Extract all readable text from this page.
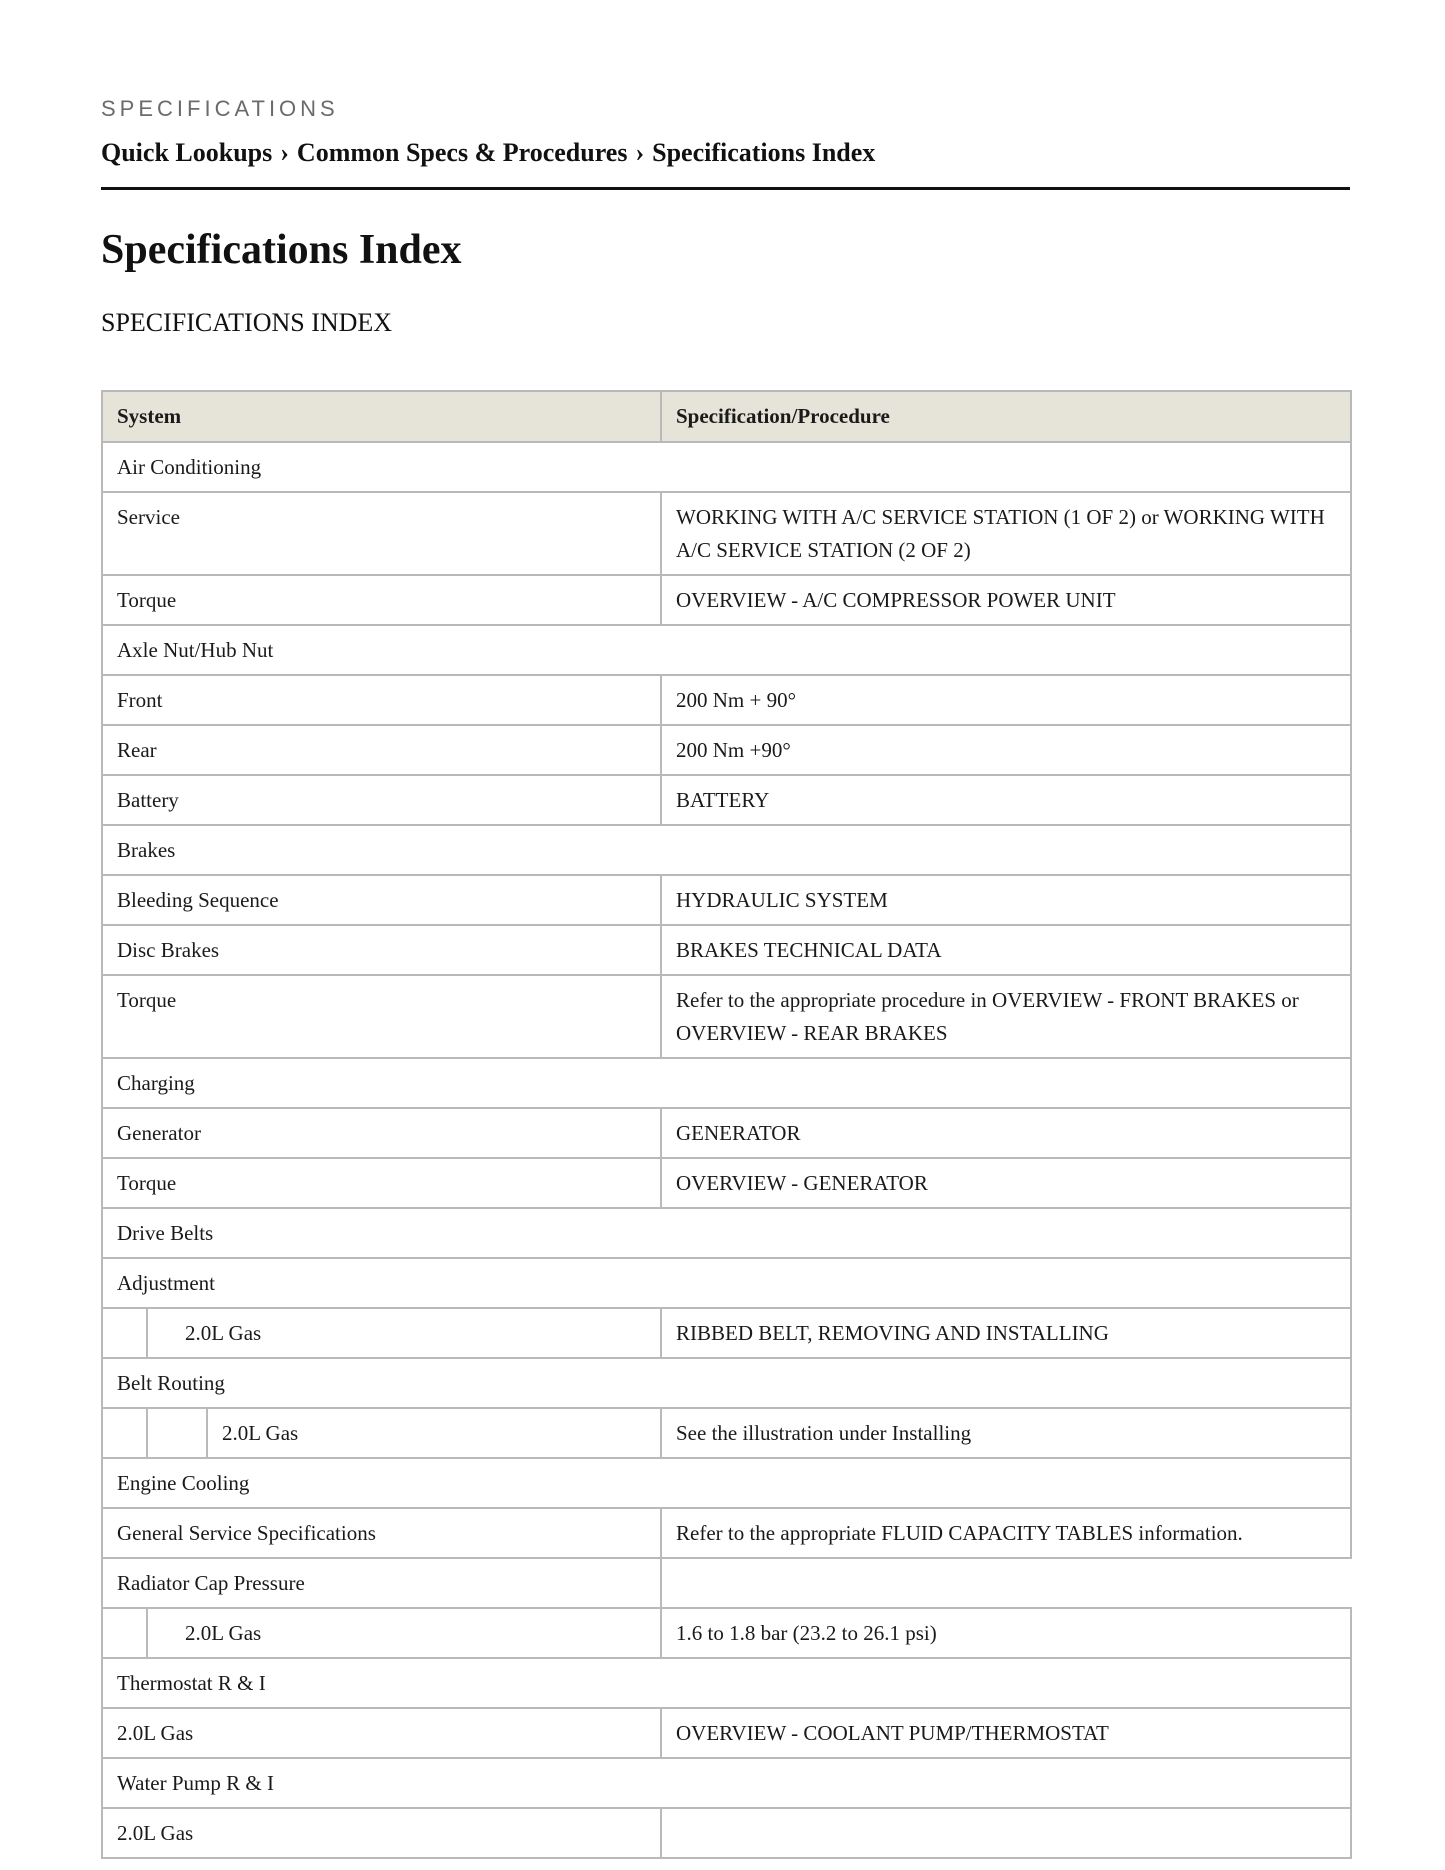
SPECIFICATIONS
Quick Lookups › Common Specs & Procedures › Specifications Index
Specifications Index
SPECIFICATIONS INDEX
System	Specification/Procedure
Air Conditioning	
Service	WORKING WITH A/C SERVICE STATION (1 OF 2) or WORKING WITH A/C SERVICE STATION (2 OF 2)
Torque	OVERVIEW - A/C COMPRESSOR POWER UNIT
Axle Nut/Hub Nut	
Front	200 Nm + 90°
Rear	200 Nm +90°
Battery	BATTERY
Brakes	
Bleeding Sequence	HYDRAULIC SYSTEM
Disc Brakes	BRAKES TECHNICAL DATA
Torque	Refer to the appropriate procedure in OVERVIEW - FRONT BRAKES or OVERVIEW - REAR BRAKES
Charging	
Generator	GENERATOR
Torque	OVERVIEW - GENERATOR
Drive Belts	
Adjustment	

2.0L Gas	RIBBED BELT, REMOVING AND INSTALLING
Belt Routing	

2.0L Gas	See the illustration under Installing
Engine Cooling	
General Service Specifications	Refer to the appropriate FLUID CAPACITY TABLES information.
Radiator Cap Pressure	

2.0L Gas	1.6 to 1.8 bar (23.2 to 26.1 psi)
Thermostat R & I	
2.0L Gas	OVERVIEW - COOLANT PUMP/THERMOSTAT
Water Pump R & I	
2.0L Gas	
